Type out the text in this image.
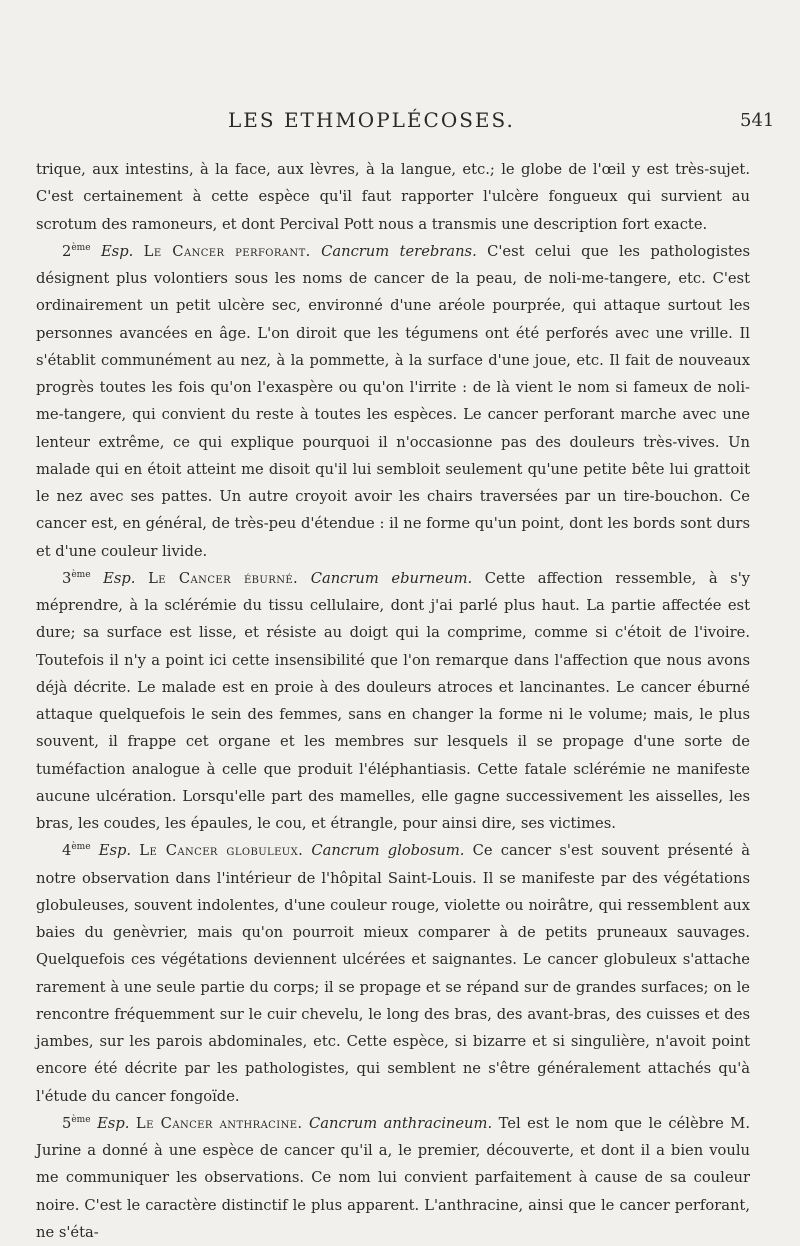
LES ETHMOPLÉCOSES.	541

trique, aux intestins, à la face, aux lèvres, à la langue, etc.; le globe de l'œil y est très-sujet. C'est certainement à cette espèce qu'il faut rapporter l'ulcère fongueux qui survient au scrotum des ramoneurs, et dont Percival Pott nous a transmis une description fort exacte.

2ème Esp. Le Cancer perforant. Cancrum terebrans. C'est celui que les pathologistes désignent plus volontiers sous les noms de cancer de la peau, de noli-me-tangere, etc. C'est ordinairement un petit ulcère sec, environné d'une aréole pourprée, qui attaque surtout les personnes avancées en âge. L'on diroit que les tégumens ont été perforés avec une vrille. Il s'établit communément au nez, à la pommette, à la surface d'une joue, etc. Il fait de nouveaux progrès toutes les fois qu'on l'exaspère ou qu'on l'irrite : de là vient le nom si fameux de noli-me-tangere, qui convient du reste à toutes les espèces. Le cancer perforant marche avec une lenteur extrême, ce qui explique pourquoi il n'occasionne pas des douleurs très-vives. Un malade qui en étoit atteint me disoit qu'il lui sembloit seulement qu'une petite bête lui grattoit le nez avec ses pattes. Un autre croyoit avoir les chairs traversées par un tire-bouchon. Ce cancer est, en général, de très-peu d'étendue : il ne forme qu'un point, dont les bords sont durs et d'une couleur livide.

3ème Esp. Le Cancer éburné. Cancrum eburneum. Cette affection ressemble, à s'y méprendre, à la sclérémie du tissu cellulaire, dont j'ai parlé plus haut. La partie affectée est dure; sa surface est lisse, et résiste au doigt qui la comprime, comme si c'étoit de l'ivoire. Toutefois il n'y a point ici cette insensibilité que l'on remarque dans l'affection que nous avons déjà décrite. Le malade est en proie à des douleurs atroces et lancinantes. Le cancer éburné attaque quelquefois le sein des femmes, sans en changer la forme ni le volume; mais, le plus souvent, il frappe cet organe et les membres sur lesquels il se propage d'une sorte de tuméfaction analogue à celle que produit l'éléphantiasis. Cette fatale sclérémie ne manifeste aucune ulcération. Lorsqu'elle part des mamelles, elle gagne successivement les aisselles, les bras, les coudes, les épaules, le cou, et étrangle, pour ainsi dire, ses victimes.

4ème Esp. Le Cancer globuleux. Cancrum globosum. Ce cancer s'est souvent présenté à notre observation dans l'intérieur de l'hôpital Saint-Louis. Il se manifeste par des végétations globuleuses, souvent indolentes, d'une couleur rouge, violette ou noirâtre, qui ressemblent aux baies du genèvrier, mais qu'on pourroit mieux comparer à de petits pruneaux sauvages. Quelquefois ces végétations deviennent ulcérées et saignantes. Le cancer globuleux s'attache rarement à une seule partie du corps; il se propage et se répand sur de grandes surfaces; on le rencontre fréquemment sur le cuir chevelu, le long des bras, des avant-bras, des cuisses et des jambes, sur les parois abdominales, etc. Cette espèce, si bizarre et si singulière, n'avoit point encore été décrite par les pathologistes, qui semblent ne s'être généralement attachés qu'à l'étude du cancer fongoïde.

5ème Esp. Le Cancer anthracine. Cancrum anthracineum. Tel est le nom que le célèbre M. Jurine a donné à une espèce de cancer qu'il a, le premier, découverte, et dont il a bien voulu me communiquer les observations. Ce nom lui convient parfaitement à cause de sa couleur noire. C'est le caractère distinctif le plus apparent. L'anthracine, ainsi que le cancer perforant, ne s'éta-
